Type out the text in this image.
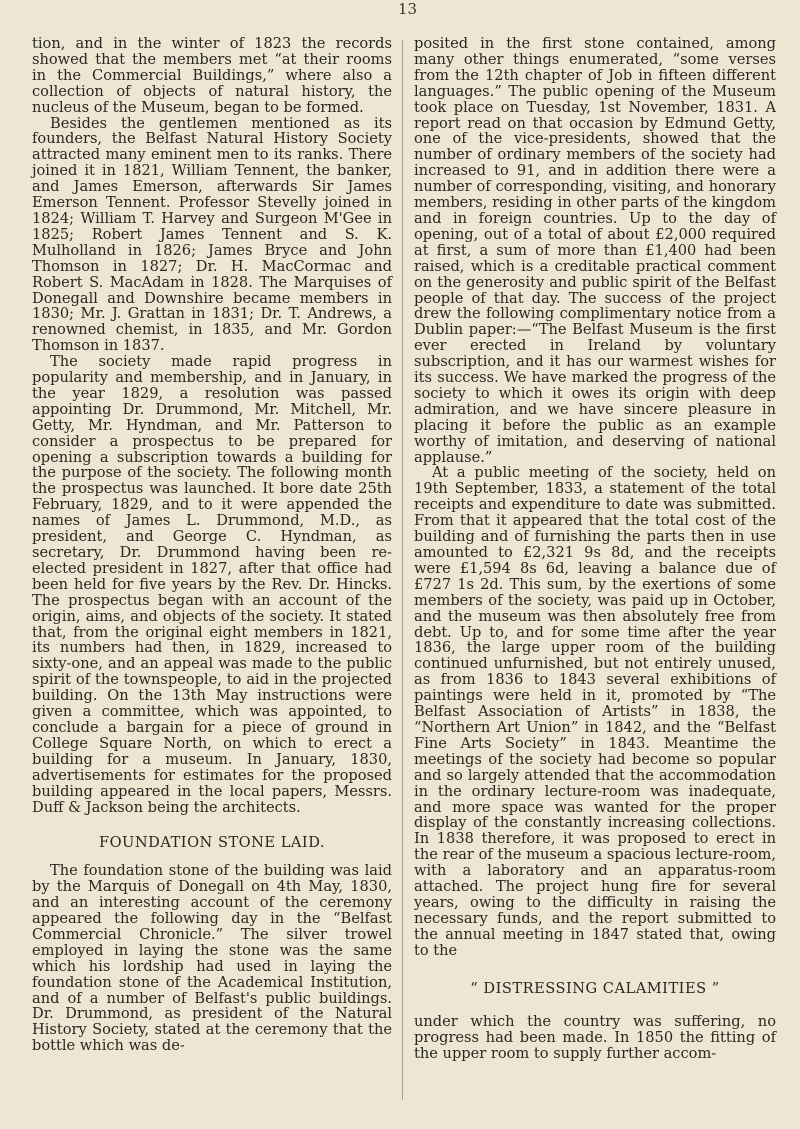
13

tion, and in the winter of 1823 the records showed that the members met “at their rooms in the Commercial Buildings,” where also a collection of objects of natural history, the nucleus of the Museum, began to be formed.

Besides the gentlemen mentioned as its founders, the Belfast Natural History Society attracted many eminent men to its ranks. There joined it in 1821, William Tennent, the banker, and James Emerson, afterwards Sir James Emerson Tennent. Professor Stevelly joined in 1824; William T. Harvey and Surgeon M'Gee in 1825; Robert James Tennent and S. K. Mulholland in 1826; James Bryce and John Thomson in 1827; Dr. H. MacCormac and Robert S. MacAdam in 1828. The Marquises of Donegall and Downshire became members in 1830; Mr. J. Grattan in 1831; Dr. T. Andrews, a renowned chemist, in 1835, and Mr. Gordon Thomson in 1837.

The society made rapid progress in popularity and membership, and in January, in the year 1829, a resolution was passed appointing Dr. Drummond, Mr. Mitchell, Mr. Getty, Mr. Hyndman, and Mr. Patterson to consider a prospectus to be prepared for opening a subscription towards a building for the purpose of the society. The following month the prospectus was launched. It bore date 25th February, 1829, and to it were appended the names of James L. Drummond, M.D., as president, and George C. Hyndman, as secretary, Dr. Drummond having been re-elected president in 1827, after that office had been held for five years by the Rev. Dr. Hincks. The prospectus began with an account of the origin, aims, and objects of the society. It stated that, from the original eight members in 1821, its numbers had then, in 1829, increased to sixty-one, and an appeal was made to the public spirit of the townspeople, to aid in the projected building. On the 13th May instructions were given a committee, which was appointed, to conclude a bargain for a piece of ground in College Square North, on which to erect a building for a museum. In January, 1830, advertisements for estimates for the proposed building appeared in the local papers, Messrs. Duff & Jackson being the architects.

FOUNDATION STONE LAID.

The foundation stone of the building was laid by the Marquis of Donegall on 4th May, 1830, and an interesting account of the ceremony appeared the following day in the “Belfast Commercial Chronicle.” The silver trowel employed in laying the stone was the same which his lordship had used in laying the foundation stone of the Academical Institution, and of a number of Belfast's public buildings. Dr. Drummond, as president of the Natural History Society, stated at the ceremony that the bottle which was de-

posited in the first stone contained, among many other things enumerated, “some verses from the 12th chapter of Job in fifteen different languages.” The public opening of the Museum took place on Tuesday, 1st November, 1831. A report read on that occasion by Edmund Getty, one of the vice-presidents, showed that the number of ordinary members of the society had increased to 91, and in addition there were a number of corresponding, visiting, and honorary members, residing in other parts of the kingdom and in foreign countries. Up to the day of opening, out of a total of about £2,000 required at first, a sum of more than £1,400 had been raised, which is a creditable practical comment on the generosity and public spirit of the Belfast people of that day. The success of the project drew the following complimentary notice from a Dublin paper:—“The Belfast Museum is the first ever erected in Ireland by voluntary subscription, and it has our warmest wishes for its success. We have marked the progress of the society to which it owes its origin with deep admiration, and we have sincere pleasure in placing it before the public as an example worthy of imitation, and deserving of national applause.”

At a public meeting of the society, held on 19th September, 1833, a statement of the total receipts and expenditure to date was submitted. From that it appeared that the total cost of the building and of furnishing the parts then in use amounted to £2,321 9s 8d, and the receipts were £1,594 8s 6d, leaving a balance due of £727 1s 2d. This sum, by the exertions of some members of the society, was paid up in October, and the museum was then absolutely free from debt. Up to, and for some time after the year 1836, the large upper room of the building continued unfurnished, but not entirely unused, as from 1836 to 1843 several exhibitions of paintings were held in it, promoted by “The Belfast Association of Artists” in 1838, the “Northern Art Union” in 1842, and the “Belfast Fine Arts Society” in 1843. Meantime the meetings of the society had become so popular and so largely attended that the accommodation in the ordinary lecture-room was inadequate, and more space was wanted for the proper display of the constantly increasing collections. In 1838 therefore, it was proposed to erect in the rear of the museum a spacious lecture-room, with a laboratory and an apparatus-room attached. The project hung fire for several years, owing to the difficulty in raising the necessary funds, and the report submitted to the annual meeting in 1847 stated that, owing to the

“ DISTRESSING CALAMITIES ”

under which the country was suffering, no progress had been made. In 1850 the fitting of the upper room to supply further accom-
